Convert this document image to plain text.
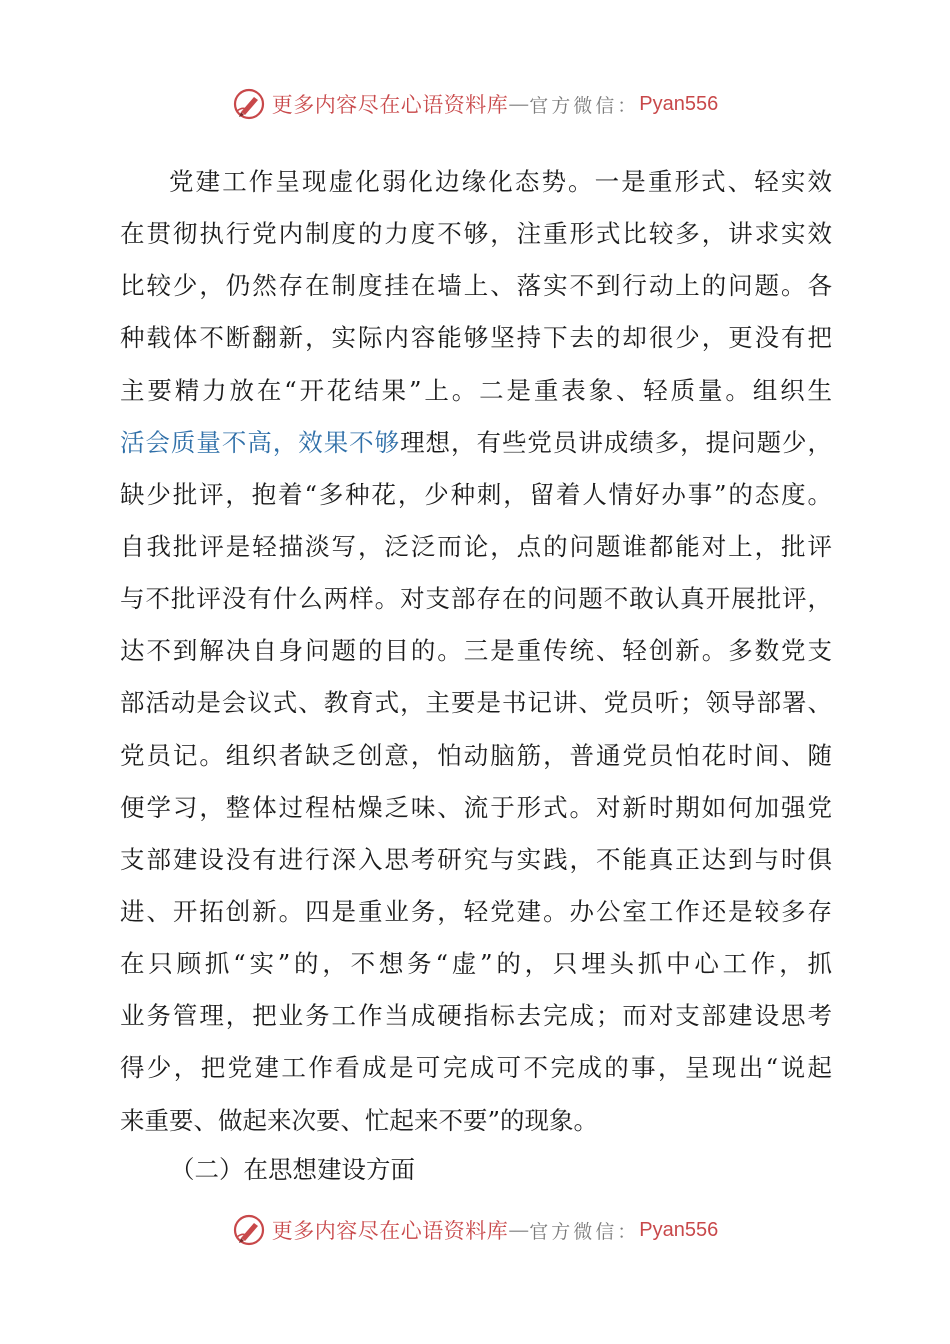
更多内容尽在心语资料库 — 官方微信： Pyan556
党建工作呈现虚化弱化边缘化态势。一是重形式、轻实效
在贯彻执行党内制度的力度不够，注重形式比较多，讲求实效
比较少，仍然存在制度挂在墙上、落实不到行动上的问题。各
种载体不断翻新，实际内容能够坚持下去的却很少，更没有把
主要精力放在“开花结果”上。二是重表象、轻质量。组织生
活会质量不高，效果不够理想，有些党员讲成绩多，提问题少，
缺少批评，抱着“多种花，少种刺，留着人情好办事”的态度。
自我批评是轻描淡写，泛泛而论，点的问题谁都能对上，批评
与不批评没有什么两样。对支部存在的问题不敢认真开展批评，
达不到解决自身问题的目的。三是重传统、轻创新。多数党支
部活动是会议式、教育式，主要是书记讲、党员听；领导部署、
党员记。组织者缺乏创意，怕动脑筋，普通党员怕花时间、随
便学习，整体过程枯燥乏味、流于形式。对新时期如何加强党
支部建设没有进行深入思考研究与实践，不能真正达到与时俱
进、开拓创新。四是重业务，轻党建。办公室工作还是较多存
在只顾抓“实”的，不想务“虚”的，只埋头抓中心工作，抓
业务管理，把业务工作当成硬指标去完成；而对支部建设思考
得少，把党建工作看成是可完成可不完成的事，呈现出“说起
来重要、做起来次要、忙起来不要”的现象。
（二）在思想建设方面
更多内容尽在心语资料库 — 官方微信： Pyan556
